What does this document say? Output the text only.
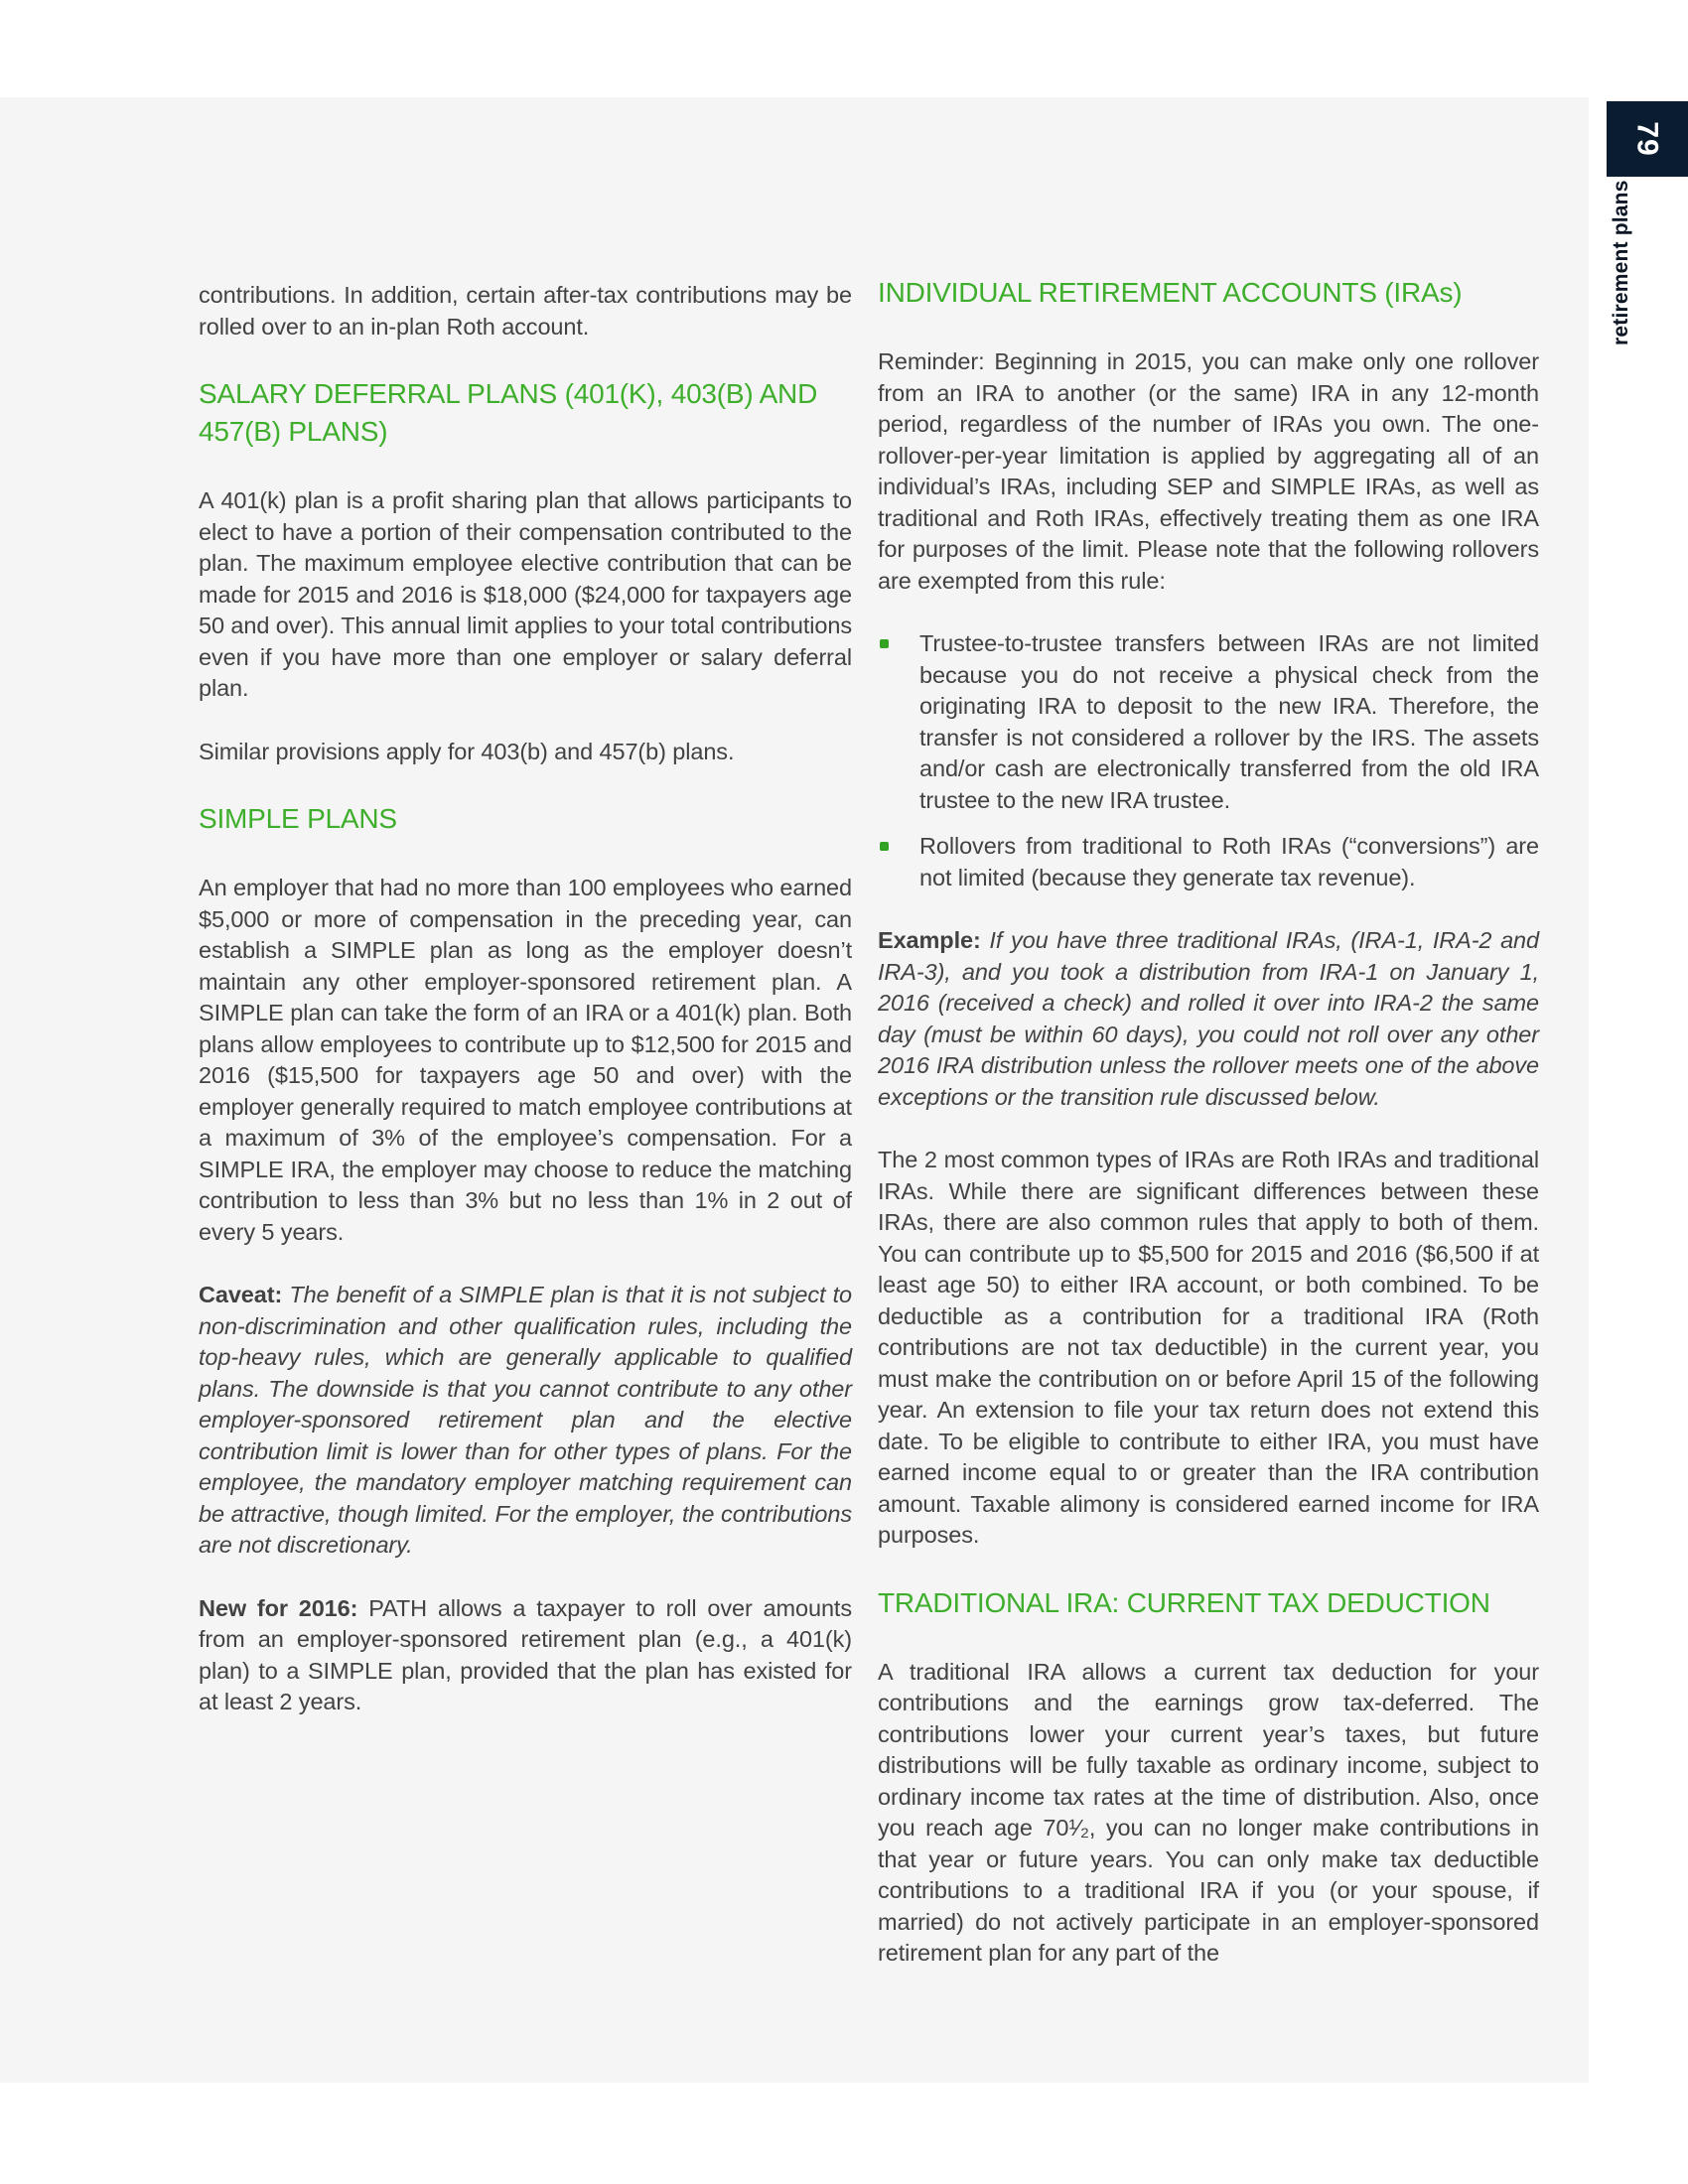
contributions. In addition, certain after-tax contributions may be rolled over to an in-plan Roth account.

SALARY DEFERRAL PLANS (401(K), 403(B) AND 457(B) PLANS)

A 401(k) plan is a profit sharing plan that allows participants to elect to have a portion of their compensation contributed to the plan. The maximum employee elective contribution that can be made for 2015 and 2016 is $18,000 ($24,000 for taxpayers age 50 and over). This annual limit applies to your total contributions even if you have more than one employer or salary deferral plan.

Similar provisions apply for 403(b) and 457(b) plans.

SIMPLE PLANS

An employer that had no more than 100 employees who earned $5,000 or more of compensation in the preceding year, can establish a SIMPLE plan as long as the employer doesn’t maintain any other employer-sponsored retirement plan. A SIMPLE plan can take the form of an IRA or a 401(k) plan. Both plans allow employees to contribute up to $12,500 for 2015 and 2016 ($15,500 for taxpayers age 50 and over) with the employer generally required to match employee contributions at a maximum of 3% of the employee’s compensation. For a SIMPLE IRA, the employer may choose to reduce the matching contribution to less than 3% but no less than 1% in 2 out of every 5 years.

Caveat: The benefit of a SIMPLE plan is that it is not subject to non-discrimination and other qualification rules, including the top-heavy rules, which are generally applicable to qualified plans. The downside is that you cannot contribute to any other employer-sponsored retirement plan and the elective contribution limit is lower than for other types of plans. For the employee, the mandatory employer matching requirement can be attractive, though limited. For the employer, the contributions are not discretionary.

New for 2016: PATH allows a taxpayer to roll over amounts from an employer-sponsored retirement plan (e.g., a 401(k) plan) to a SIMPLE plan, provided that the plan has existed for at least 2 years.

INDIVIDUAL RETIREMENT ACCOUNTS (IRAs)

Reminder: Beginning in 2015, you can make only one rollover from an IRA to another (or the same) IRA in any 12-month period, regardless of the number of IRAs you own. The one-rollover-per-year limitation is applied by aggregating all of an individual’s IRAs, including SEP and SIMPLE IRAs, as well as traditional and Roth IRAs, effectively treating them as one IRA for purposes of the limit. Please note that the following rollovers are exempted from this rule:

Trustee-to-trustee transfers between IRAs are not limited because you do not receive a physical check from the originating IRA to deposit to the new IRA. Therefore, the transfer is not considered a rollover by the IRS. The assets and/or cash are electronically transferred from the old IRA trustee to the new IRA trustee.
Rollovers from traditional to Roth IRAs (“conversions”) are not limited (because they generate tax revenue).

Example: If you have three traditional IRAs, (IRA-1, IRA-2 and IRA-3), and you took a distribution from IRA-1 on January 1, 2016 (received a check) and rolled it over into IRA-2 the same day (must be within 60 days), you could not roll over any other 2016 IRA distribution unless the rollover meets one of the above exceptions or the transition rule discussed below.

The 2 most common types of IRAs are Roth IRAs and traditional IRAs. While there are significant differences between these IRAs, there are also common rules that apply to both of them. You can contribute up to $5,500 for 2015 and 2016 ($6,500 if at least age 50) to either IRA account, or both combined. To be deductible as a contribution for a traditional IRA (Roth contributions are not tax deductible) in the current year, you must make the contribution on or before April 15 of the following year. An extension to file your tax return does not extend this date. To be eligible to contribute to either IRA, you must have earned income equal to or greater than the IRA contribution amount. Taxable alimony is considered earned income for IRA purposes.

TRADITIONAL IRA: CURRENT TAX DEDUCTION

A traditional IRA allows a current tax deduction for your contributions and the earnings grow tax-deferred. The contributions lower your current year’s taxes, but future distributions will be fully taxable as ordinary income, subject to ordinary income tax rates at the time of distribution. Also, once you reach age 70¹⁄₂, you can no longer make contributions in that year or future years. You can only make tax deductible contributions to a traditional IRA if you (or your spouse, if married) do not actively participate in an employer-sponsored retirement plan for any part of the

79
retirement plans
